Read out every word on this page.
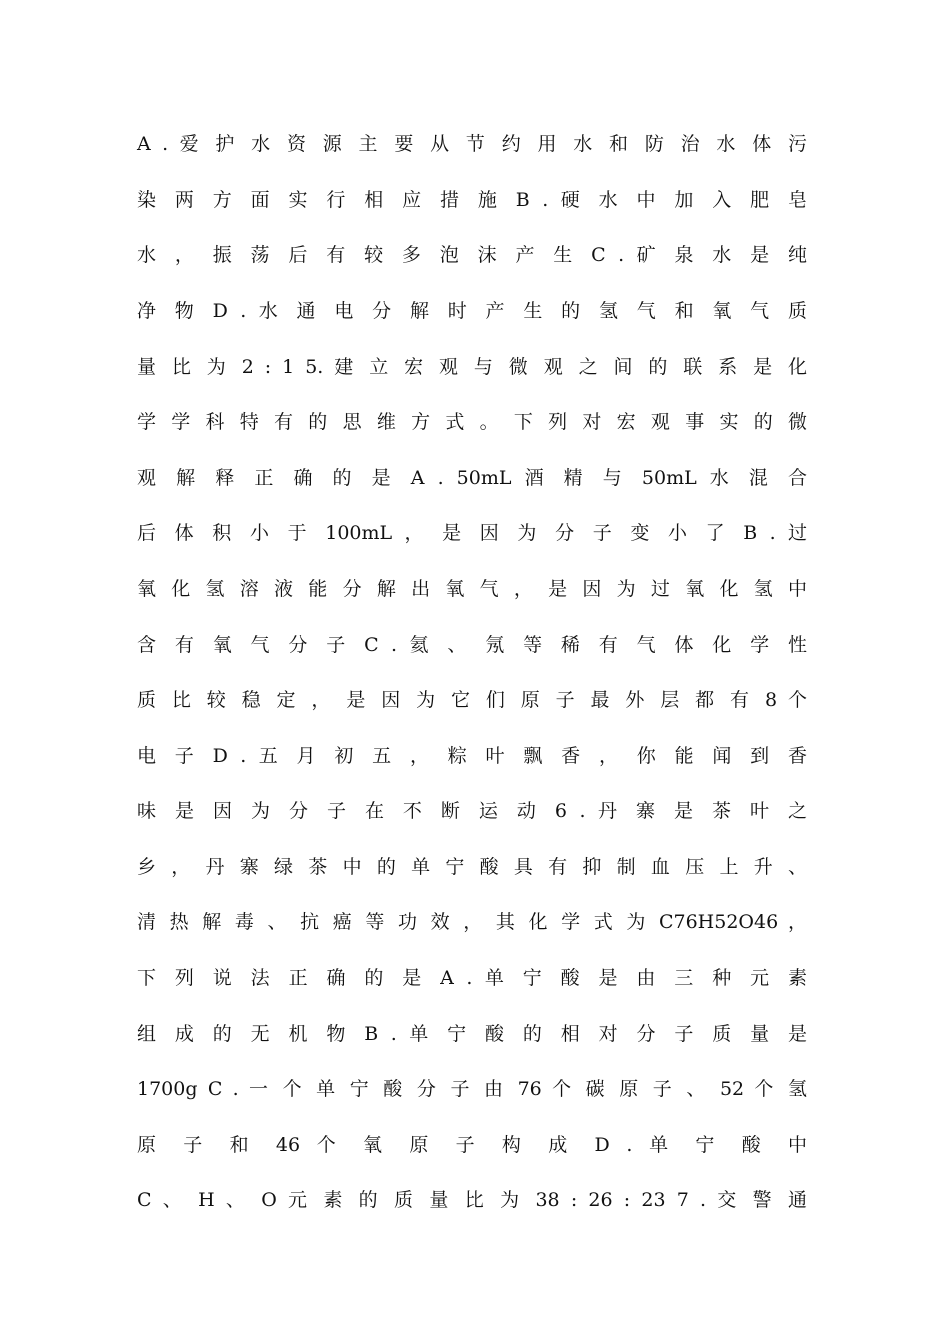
A . 爱 护 水 资 源 主 要 从 节 约 用 水 和 防 治 水 体 污
染 两 方 面 实 行 相 应 措 施 B . 硬 水 中 加 入 肥 皂
水 ， 振 荡 后 有 较 多 泡 沫 产 生 C . 矿 泉 水 是 纯
净 物 D . 水 通 电 分 解 时 产 生 的 氢 气 和 氧 气 质
量 比 为 2 : 1 5. 建 立 宏 观 与 微 观 之 间 的 联 系 是 化
学 学 科 特 有 的 思 维 方 式 。 下 列 对 宏 观 事 实 的 微
观 解 释 正 确 的 是 A . 50mL 酒 精 与 50mL 水 混 合
后 体 积 小 于 100mL ， 是 因 为 分 子 变 小 了 B . 过
氧 化 氢 溶 液 能 分 解 出 氧 气 ， 是 因 为 过 氧 化 氢 中
含 有 氧 气 分 子 C . 氦 、 氖 等 稀 有 气 体 化 学 性
质 比 较 稳 定 ， 是 因 为 它 们 原 子 最 外 层 都 有 8 个
电 子 D . 五 月 初 五 ， 粽 叶 飘 香 ， 你 能 闻 到 香
味 是 因 为 分 子 在 不 断 运 动 6 . 丹 寨 是 茶 叶 之
乡 ， 丹 寨 绿 茶 中 的 单 宁 酸 具 有 抑 制 血 压 上 升 、
清 热 解 毒 、 抗 癌 等 功 效 ， 其 化 学 式 为 C76H52O46 ，
下 列 说 法 正 确 的 是 A . 单 宁 酸 是 由 三 种 元 素
组 成 的 无 机 物 B . 单 宁 酸 的 相 对 分 子 质 量 是
1700g C . 一 个 单 宁 酸 分 子 由 76 个 碳 原 子 、 52 个 氢
原 子 和 46 个 氧 原 子 构 成 D . 单 宁 酸 中
C 、 H 、 O 元 素 的 质 量 比 为 38 : 26 : 23 7 . 交 警 通
